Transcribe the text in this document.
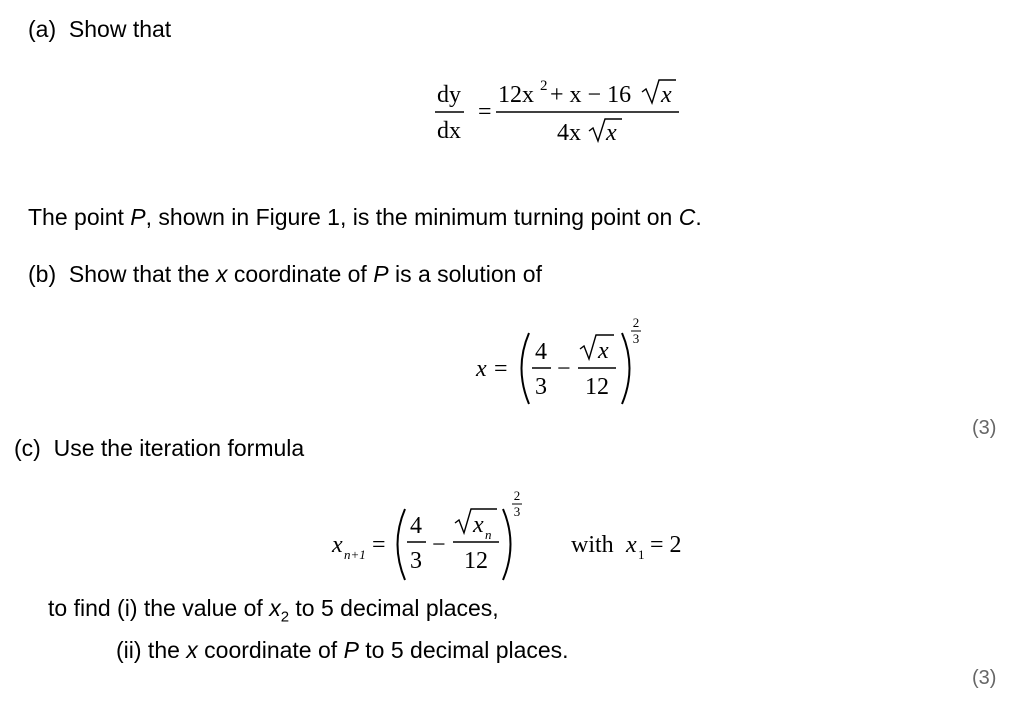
(a) Show that
dy
dx
=
12x 2 + x − 16 x
4x x
x =
4
3
−
x
12
2
3
x n+1 =
4
3
−
x n
12
2
3
with x 1 = 2
The point P, shown in Figure 1, is the minimum turning point on C.
(b) Show that the x coordinate of P is a solution of
(3)
(c) Use the iteration formula
to find (i) the value of $x_2$ to 5 decimal places,
(ii) the x coordinate of P to 5 decimal places.
(3)
